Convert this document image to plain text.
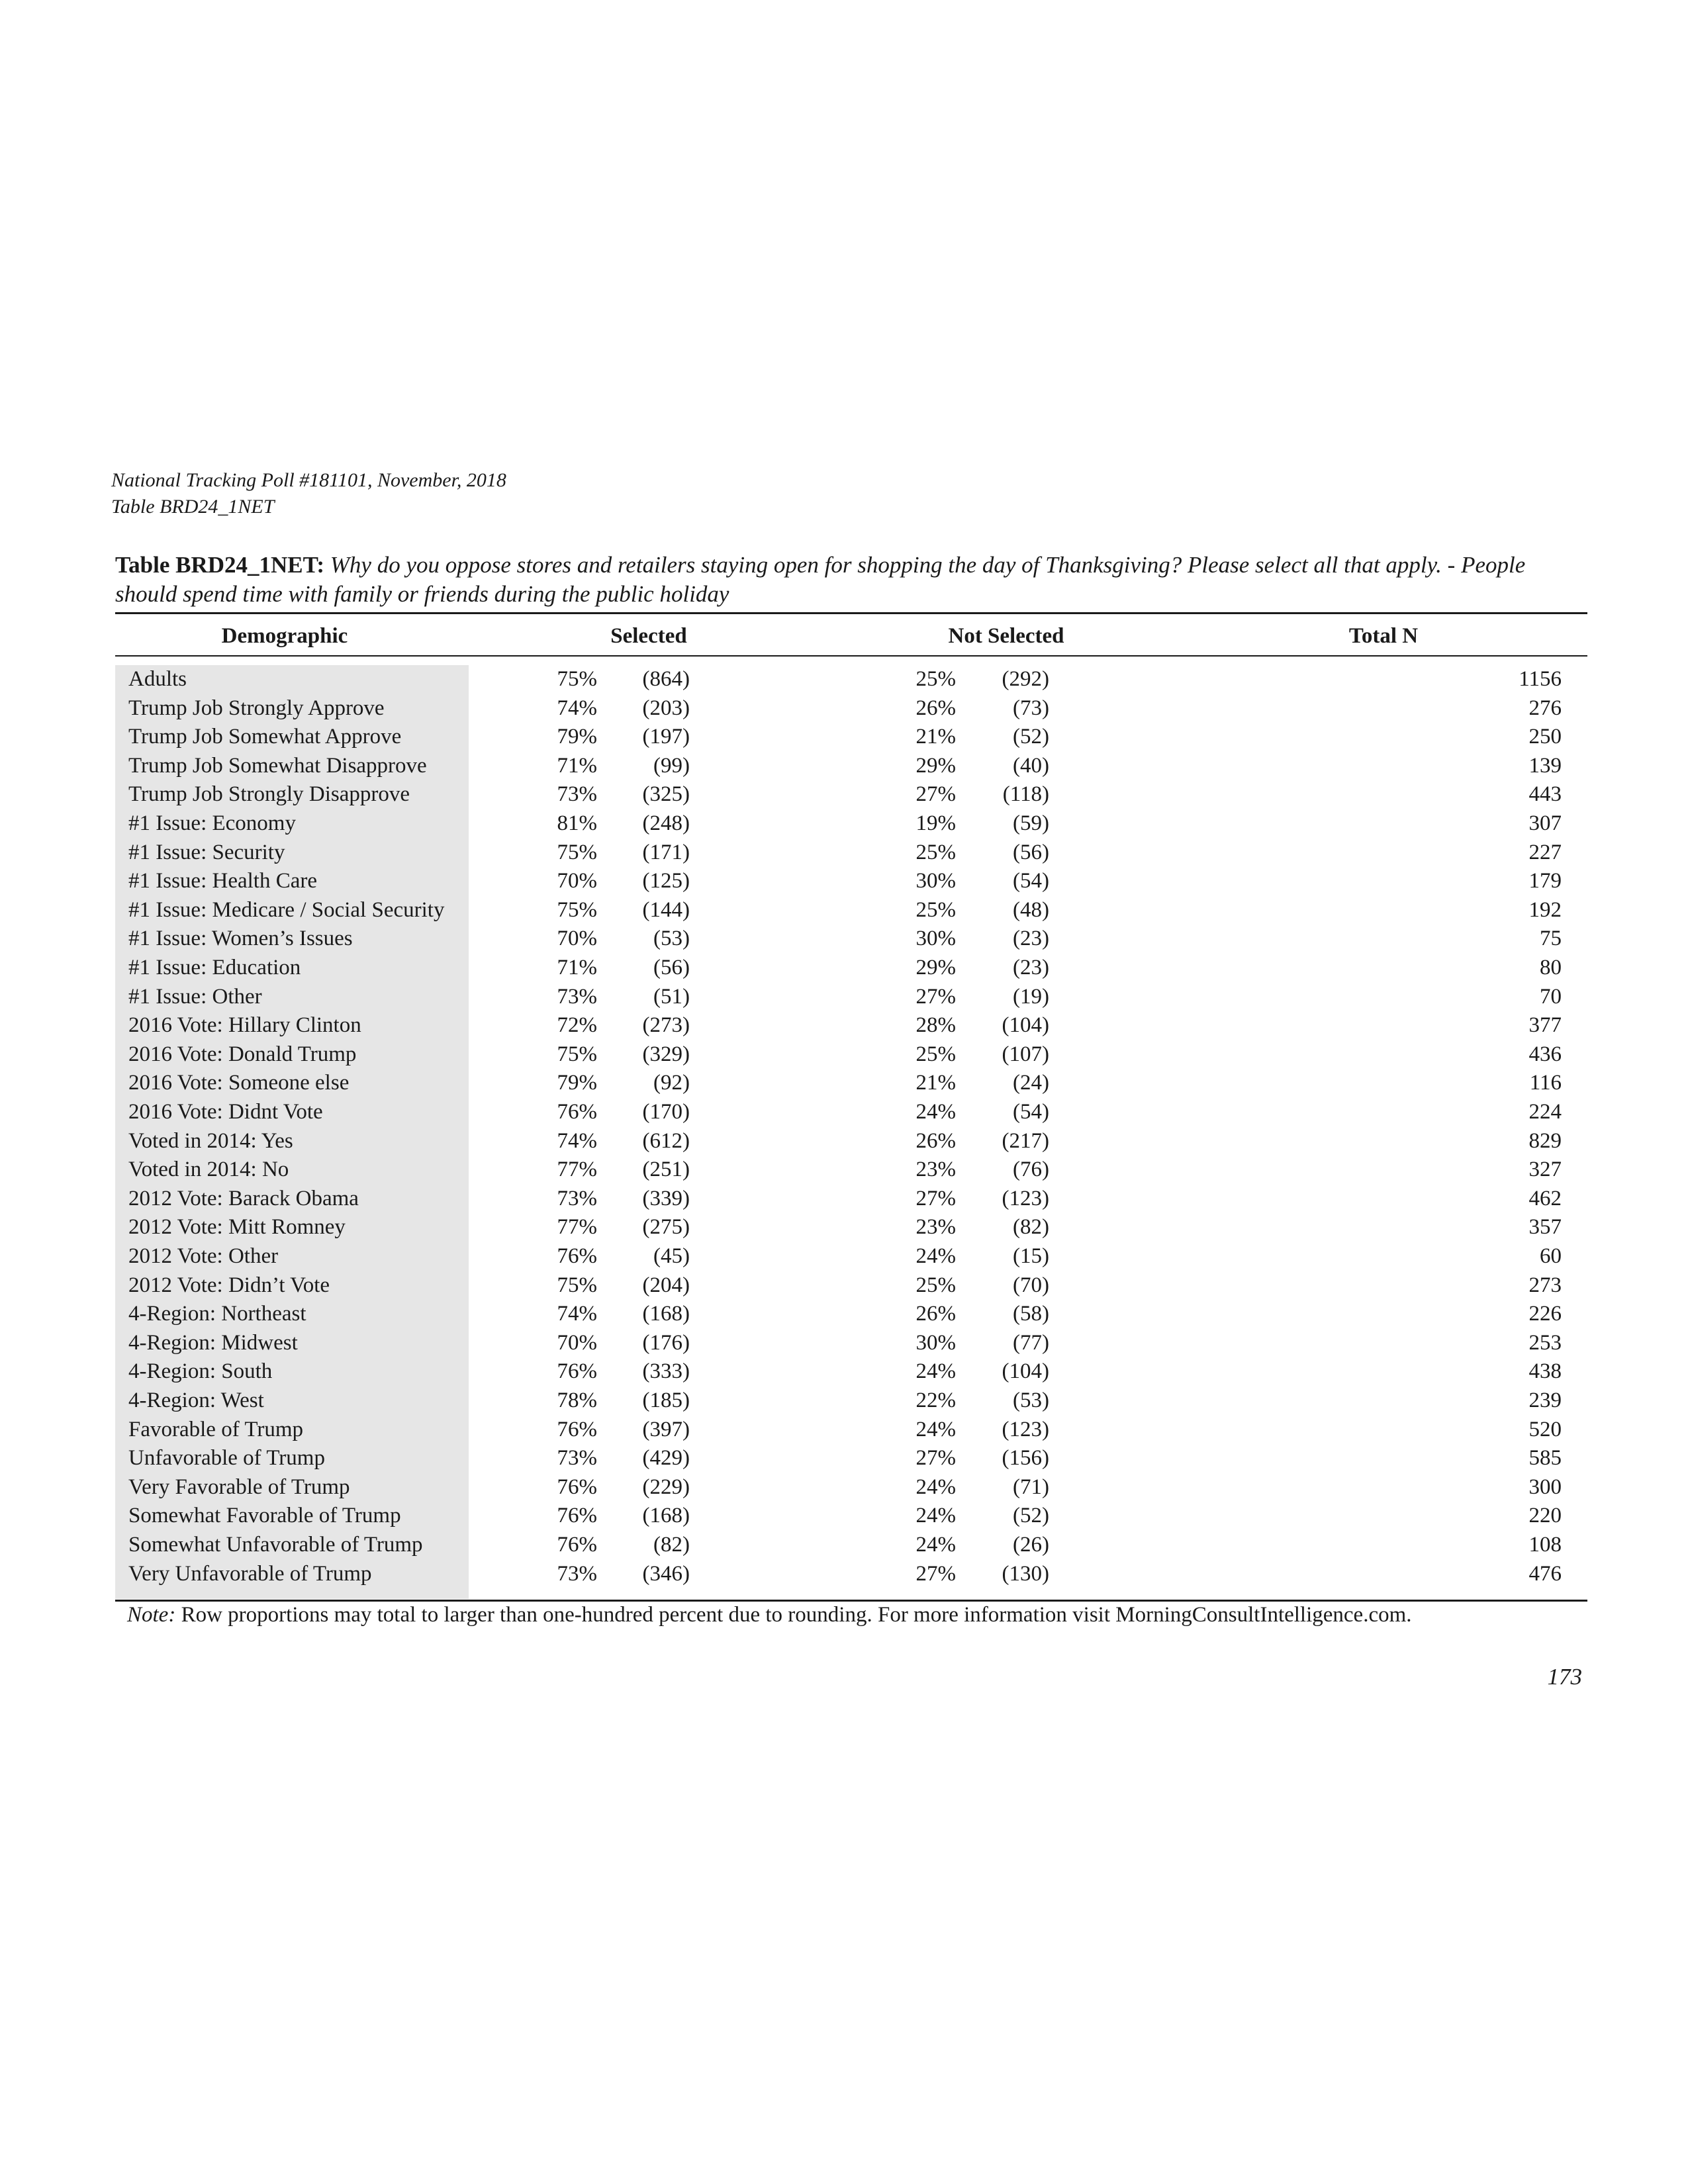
National Tracking Poll #181101, November, 2018
Table BRD24_1NET
Table BRD24_1NET: Why do you oppose stores and retailers staying open for shopping the day of Thanksgiving? Please select all that apply. - People should spend time with family or friends during the public holiday
Demographic	Selected	Not Selected	Total N
Adults	75% (864)	25% (292)	1156
Trump Job Strongly Approve	74% (203)	26%	(73)	276
Trump Job Somewhat Approve	79% (197)	21%	(52)	250
Trump Job Somewhat Disapprove	71%	(99)	29%	(40)	139
Trump Job Strongly Disapprove	73% (325)	27% (118)	443
#1 Issue: Economy	81% (248)	19%	(59)	307
#1 Issue: Security	75% (171)	25%	(56)	227
#1 Issue: Health Care	70% (125)	30%	(54)	179
#1 Issue: Medicare / Social Security	75% (144)	25%	(48)	192
#1 Issue: Women’s Issues	70%	(53)	30%	(23)	75
#1 Issue: Education	71%	(56)	29%	(23)	80
#1 Issue: Other	73%	(51)	27%	(19)	70
2016 Vote: Hillary Clinton	72% (273)	28% (104)	377
2016 Vote: Donald Trump	75% (329)	25% (107)	436
2016 Vote: Someone else	79%	(92)	21%	(24)	116
2016 Vote: Didnt Vote	76% (170)	24%	(54)	224
Voted in 2014: Yes	74% (612)	26% (217)	829
Voted in 2014: No	77% (251)	23%	(76)	327
2012 Vote: Barack Obama	73% (339)	27% (123)	462
2012 Vote: Mitt Romney	77% (275)	23%	(82)	357
2012 Vote: Other	76%	(45)	24%	(15)	60
2012 Vote: Didn’t Vote	75% (204)	25%	(70)	273
4-Region: Northeast	74% (168)	26%	(58)	226
4-Region: Midwest	70% (176)	30%	(77)	253
4-Region: South	76% (333)	24% (104)	438
4-Region: West	78% (185)	22%	(53)	239
Favorable of Trump	76% (397)	24% (123)	520
Unfavorable of Trump	73% (429)	27% (156)	585
Very Favorable of Trump	76% (229)	24%	(71)	300
Somewhat Favorable of Trump	76% (168)	24%	(52)	220
Somewhat Unfavorable of Trump	76%	(82)	24%	(26)	108
Very Unfavorable of Trump	73% (346)	27% (130)	476
Note: Row proportions may total to larger than one-hundred percent due to rounding. For more information visit MorningConsultIntelligence.com.
173
